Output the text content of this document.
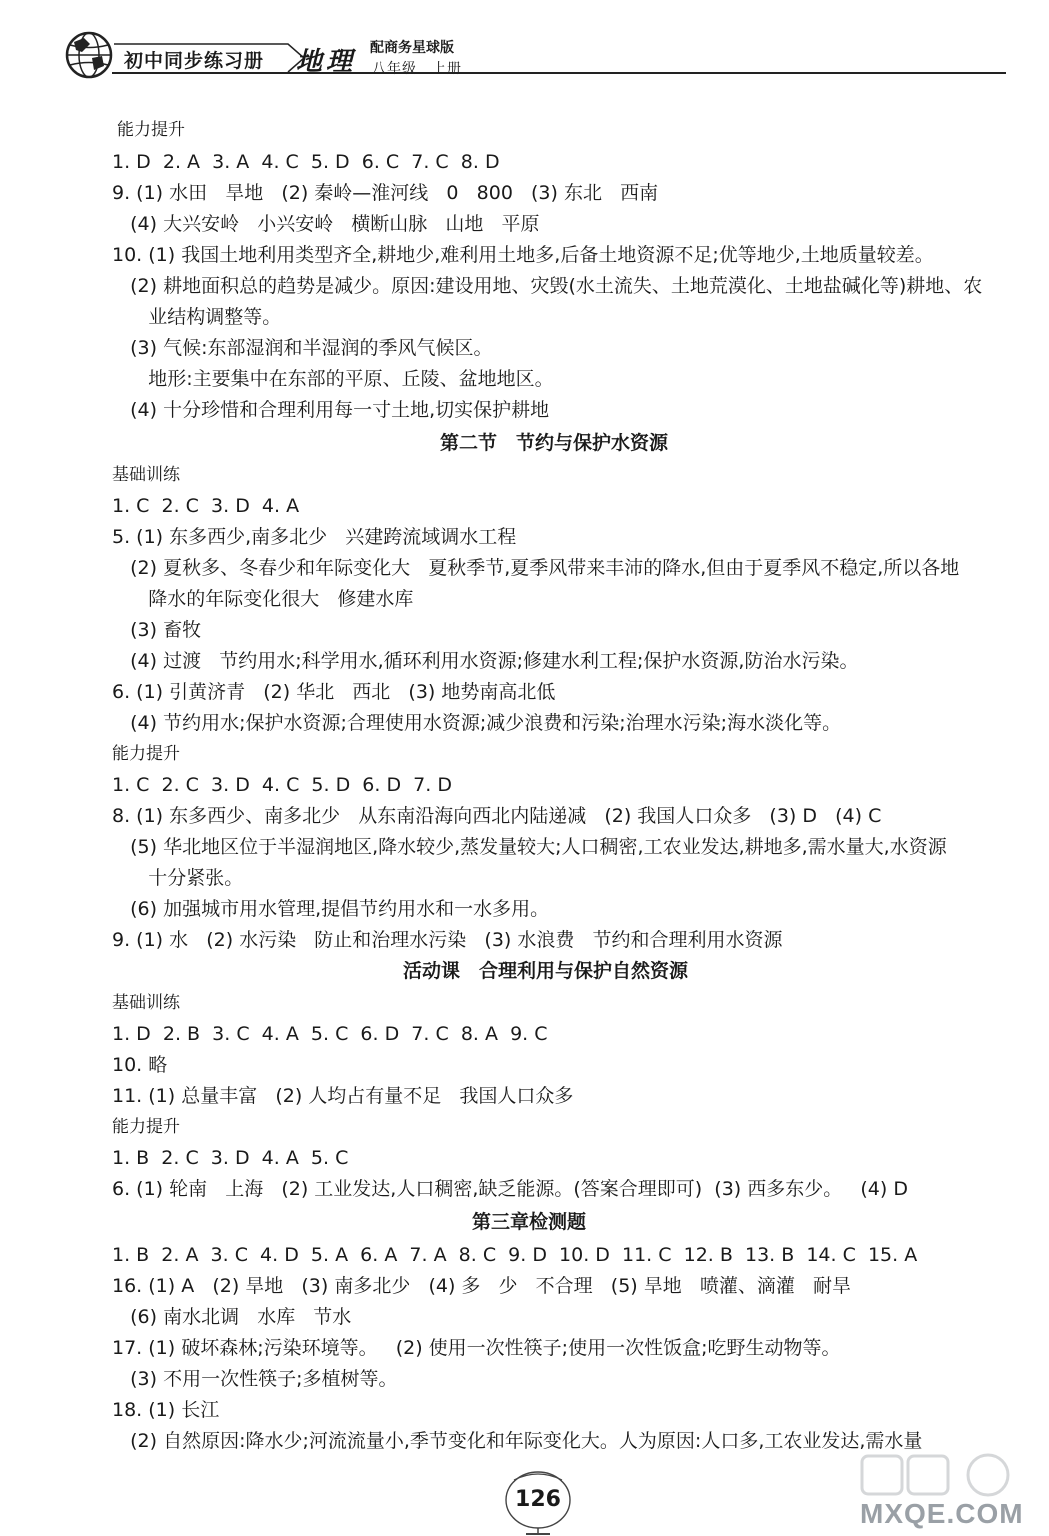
初中同步练习册 地理 配商务星球版
八年级　上册
能力提升
1. D  2. A  3. A  4. C  5. D  6. C  7. C  8. D
9. (1) 水田   旱地   (2) 秦岭—淮河线   0   800   (3) 东北   西南
(4) 大兴安岭   小兴安岭   横断山脉   山地   平原
10. (1) 我国土地利用类型齐全,耕地少,难利用土地多,后备土地资源不足;优等地少,土地质量较差。
(2) 耕地面积总的趋势是减少。原因:建设用地、灾毁(水土流失、土地荒漠化、土地盐碱化等)耕地、农
业结构调整等。
(3) 气候:东部湿润和半湿润的季风气候区。
地形:主要集中在东部的平原、丘陵、盆地地区。
(4) 十分珍惜和合理利用每一寸土地,切实保护耕地
第二节　节约与保护水资源
基础训练
1. C  2. C  3. D  4. A
5. (1) 东多西少,南多北少   兴建跨流域调水工程
(2) 夏秋多、冬春少和年际变化大   夏秋季节,夏季风带来丰沛的降水,但由于夏季风不稳定,所以各地
降水的年际变化很大   修建水库
(3) 畜牧
(4) 过渡   节约用水;科学用水,循环利用水资源;修建水利工程;保护水资源,防治水污染。
6. (1) 引黄济青   (2) 华北   西北   (3) 地势南高北低
(4) 节约用水;保护水资源;合理使用水资源;减少浪费和污染;治理水污染;海水淡化等。
能力提升
1. C  2. C  3. D  4. C  5. D  6. D  7. D
8. (1) 东多西少、南多北少   从东南沿海向西北内陆递减   (2) 我国人口众多   (3) D   (4) C
(5) 华北地区位于半湿润地区,降水较少,蒸发量较大;人口稠密,工农业发达,耕地多,需水量大,水资源
十分紧张。
(6) 加强城市用水管理,提倡节约用水和一水多用。
9. (1) 水   (2) 水污染   防止和治理水污染   (3) 水浪费   节约和合理利用水资源
活动课　合理利用与保护自然资源
基础训练
1. D  2. B  3. C  4. A  5. C  6. D  7. C  8. A  9. C
10. 略
11. (1) 总量丰富   (2) 人均占有量不足   我国人口众多
能力提升
1. B  2. C  3. D  4. A  5. C
6. (1) 轮南   上海   (2) 工业发达,人口稠密,缺乏能源。(答案合理即可)  (3) 西多东少。   (4) D
第三章检测题
1. B  2. A  3. C  4. D  5. A  6. A  7. A  8. C  9. D  10. D  11. C  12. B  13. B  14. C  15. A
16. (1) A   (2) 旱地   (3) 南多北少   (4) 多   少   不合理   (5) 旱地   喷灌、滴灌   耐旱
(6) 南水北调   水库   节水
17. (1) 破坏森林;污染环境等。   (2) 使用一次性筷子;使用一次性饭盒;吃野生动物等。
(3) 不用一次性筷子;多植树等。
18. (1) 长江
(2) 自然原因:降水少;河流流量小,季节变化和年际变化大。人为原因:人口多,工农业发达,需水量
126	MXQE.COM
